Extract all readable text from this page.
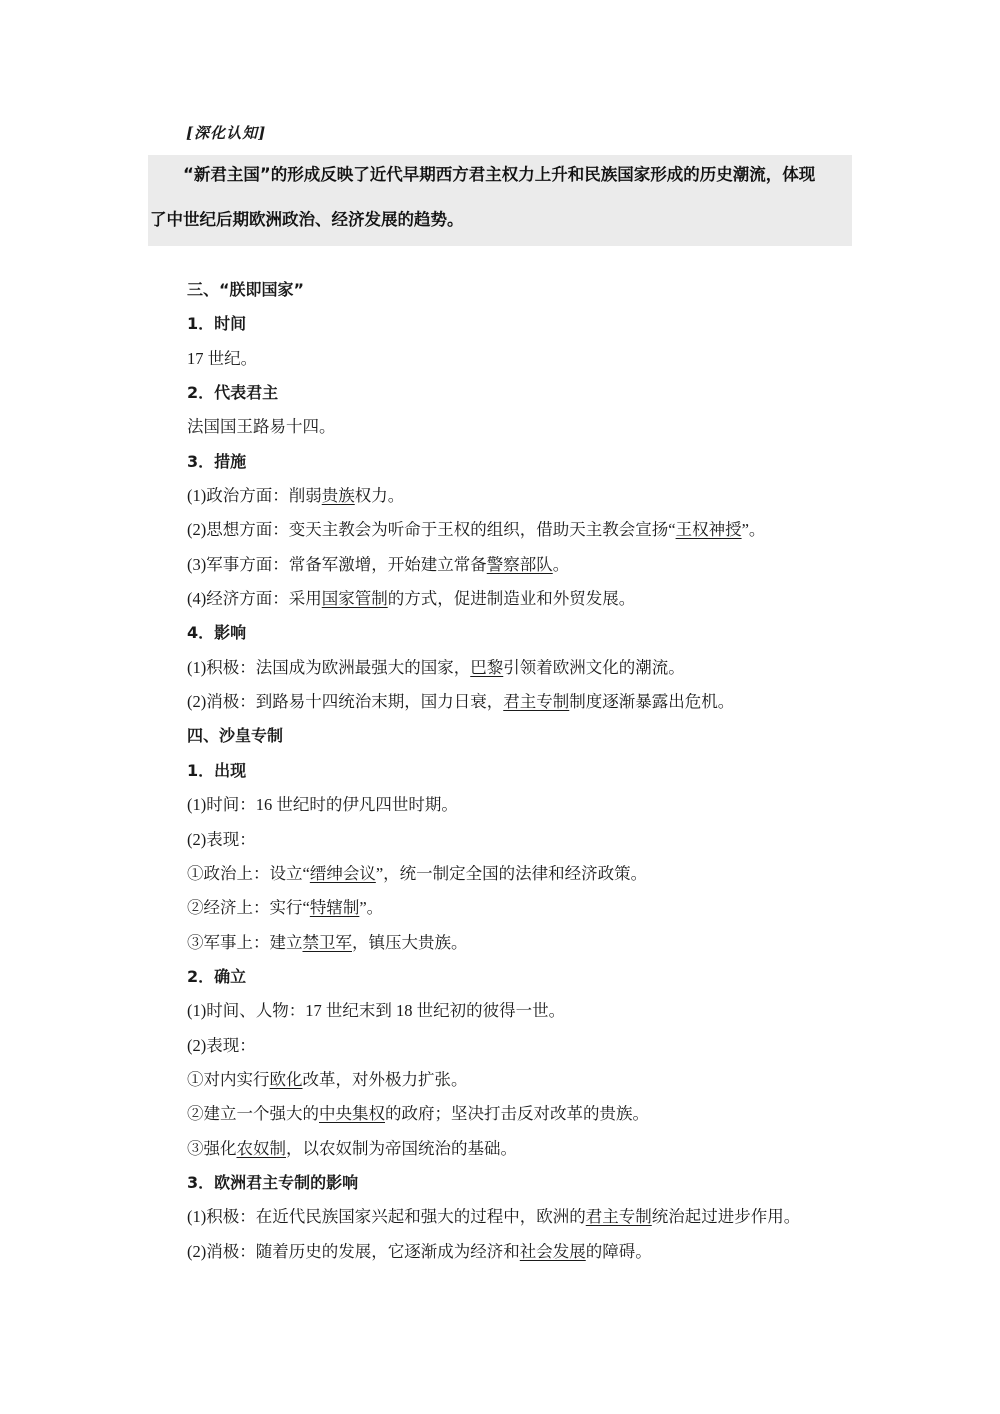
[深化认知]

“新君主国”的形成反映了近代早期西方君主权力上升和民族国家形成的历史潮流，体现

了中世纪后期欧洲政治、经济发展的趋势。

三、“朕即国家”
1．时间
17 世纪。
2．代表君主
法国国王路易十四。
3．措施
(1)政治方面：削弱贵族权力。
(2)思想方面：变天主教会为听命于王权的组织，借助天主教会宣扬“王权神授”。
(3)军事方面：常备军激增，开始建立常备警察部队。
(4)经济方面：采用国家管制的方式，促进制造业和外贸发展。
4．影响
(1)积极：法国成为欧洲最强大的国家，巴黎引领着欧洲文化的潮流。
(2)消极：到路易十四统治末期，国力日衰，君主专制制度逐渐暴露出危机。
四、沙皇专制
1．出现
(1)时间：16 世纪时的伊凡四世时期。
(2)表现：
①政治上：设立“缙绅会议”，统一制定全国的法律和经济政策。
②经济上：实行“特辖制”。
③军事上：建立禁卫军，镇压大贵族。
2．确立
(1)时间、人物：17 世纪末到 18 世纪初的彼得一世。
(2)表现：
①对内实行欧化改革，对外极力扩张。
②建立一个强大的中央集权的政府；坚决打击反对改革的贵族。
③强化农奴制，以农奴制为帝国统治的基础。
3．欧洲君主专制的影响
(1)积极：在近代民族国家兴起和强大的过程中，欧洲的君主专制统治起过进步作用。
(2)消极：随着历史的发展，它逐渐成为经济和社会发展的障碍。
